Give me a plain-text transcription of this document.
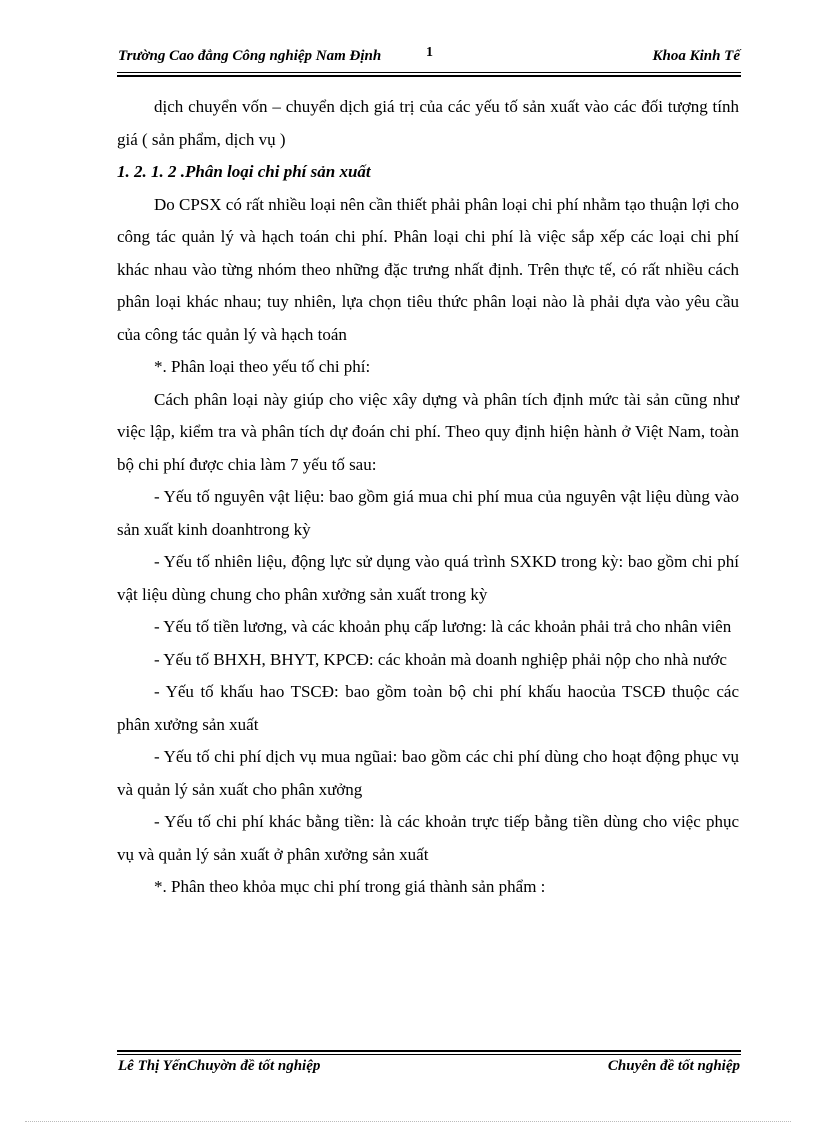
Trường Cao đẳng Công nghiệp Nam Định	1	Khoa Kinh Tế

dịch chuyển vốn – chuyển dịch giá trị của các yếu tố sản xuất vào các đối tượng tính giá ( sản phẩm, dịch vụ )

1. 2. 1. 2 .Phân loại chi phí sản xuất

Do CPSX có rất nhiều loại nên cần thiết phải phân loại chi phí nhằm tạo thuận lợi cho công tác quản lý và hạch toán chi phí. Phân loại chi phí là việc sắp xếp các loại chi phí khác nhau vào từng nhóm theo những đặc trưng nhất định. Trên thực tế, có rất nhiều cách phân loại khác nhau; tuy nhiên, lựa chọn tiêu thức phân loại nào là phải dựa vào yêu cầu của công tác quản lý và hạch toán

*. Phân loại theo yếu tố chi phí:

Cách phân loại này giúp cho việc xây dựng và phân tích định mức tài sản cũng như việc lập, kiểm tra và phân tích dự đoán chi phí. Theo quy định hiện hành ở Việt Nam, toàn bộ chi phí được chia làm 7 yếu tố sau:

- Yếu tố nguyên vật liệu: bao gồm giá mua chi phí mua của nguyên vật liệu dùng vào sản xuất kinh doanhtrong kỳ

- Yếu tố nhiên liệu, động lực sử dụng vào quá trình SXKD trong kỳ: bao gồm chi phí vật liệu dùng chung cho phân xưởng sản xuất trong kỳ

- Yếu tố tiền lương, và các khoản phụ cấp lương: là các khoản phải trả cho nhân viên

- Yếu tố BHXH, BHYT, KPCĐ: các khoản mà doanh nghiệp phải nộp cho nhà nước

- Yếu tố khấu hao TSCĐ: bao gồm toàn bộ chi phí khấu haocủa TSCĐ thuộc các phân xưởng sản xuất

- Yếu tố chi phí dịch vụ mua ngũai: bao gồm các chi phí dùng cho hoạt động phục vụ và quản lý sản xuất cho phân xưởng

- Yếu tố chi phí khác bằng tiền: là các khoản trực tiếp bằng tiền dùng cho việc phục vụ và quản lý sản xuất ở phân xưởng sản xuất

*. Phân theo khỏa mục chi phí trong giá thành sản phẩm :

Lê Thị YếnChuyờn đề tốt nghiệp	Chuyên đề tốt nghiệp
